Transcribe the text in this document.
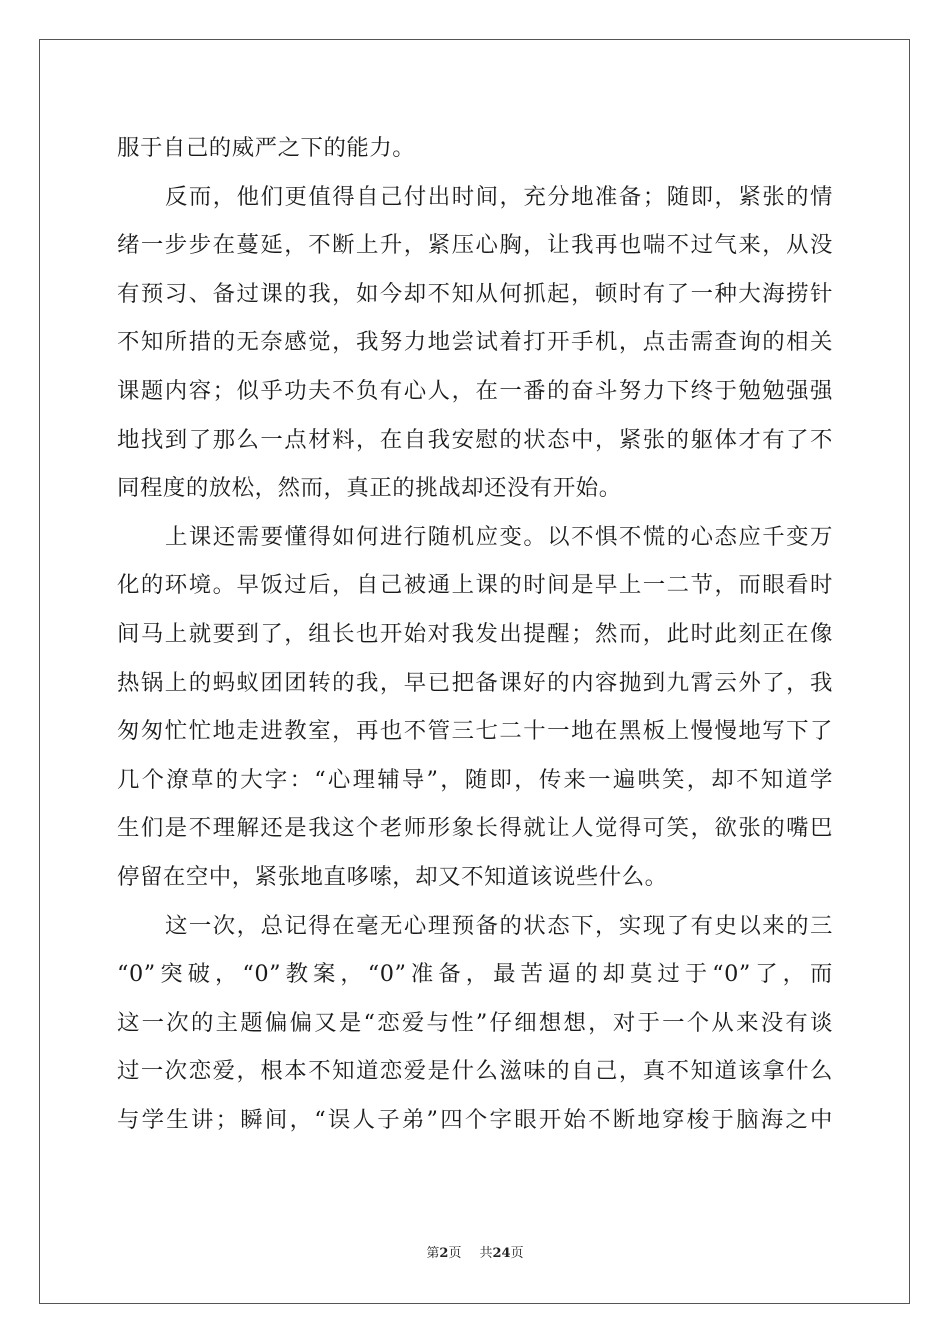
服于自己的威严之下的能力。
反而，他们更值得自己付出时间，充分地准备；随即，紧张的情
绪一步步在蔓延，不断上升，紧压心胸，让我再也喘不过气来，从没
有预习、备过课的我，如今却不知从何抓起，顿时有了一种大海捞针
不知所措的无奈感觉，我努力地尝试着打开手机，点击需查询的相关
课题内容；似乎功夫不负有心人，在一番的奋斗努力下终于勉勉强强
地找到了那么一点材料，在自我安慰的状态中，紧张的躯体才有了不
同程度的放松，然而，真正的挑战却还没有开始。
上课还需要懂得如何进行随机应变。以不惧不慌的心态应千变万
化的环境。早饭过后，自己被通上课的时间是早上一二节，而眼看时
间马上就要到了，组长也开始对我发出提醒；然而，此时此刻正在像
热锅上的蚂蚁团团转的我，早已把备课好的内容抛到九霄云外了，我
匆匆忙忙地走进教室，再也不管三七二十一地在黑板上慢慢地写下了
几个潦草的大字：“心理辅导”，随即，传来一遍哄笑，却不知道学
生们是不理解还是我这个老师形象长得就让人觉得可笑，欲张的嘴巴
停留在空中，紧张地直哆嗦，却又不知道该说些什么。
这一次，总记得在毫无心理预备的状态下，实现了有史以来的三
“0”突破，“0”教案，“0”准备，最苦逼的却莫过于“0”了，而
这一次的主题偏偏又是“恋爱与性”仔细想想，对于一个从来没有谈
过一次恋爱，根本不知道恋爱是什么滋味的自己，真不知道该拿什么
与学生讲；瞬间，“误人子弟”四个字眼开始不断地穿梭于脑海之中
第2页 共24页
